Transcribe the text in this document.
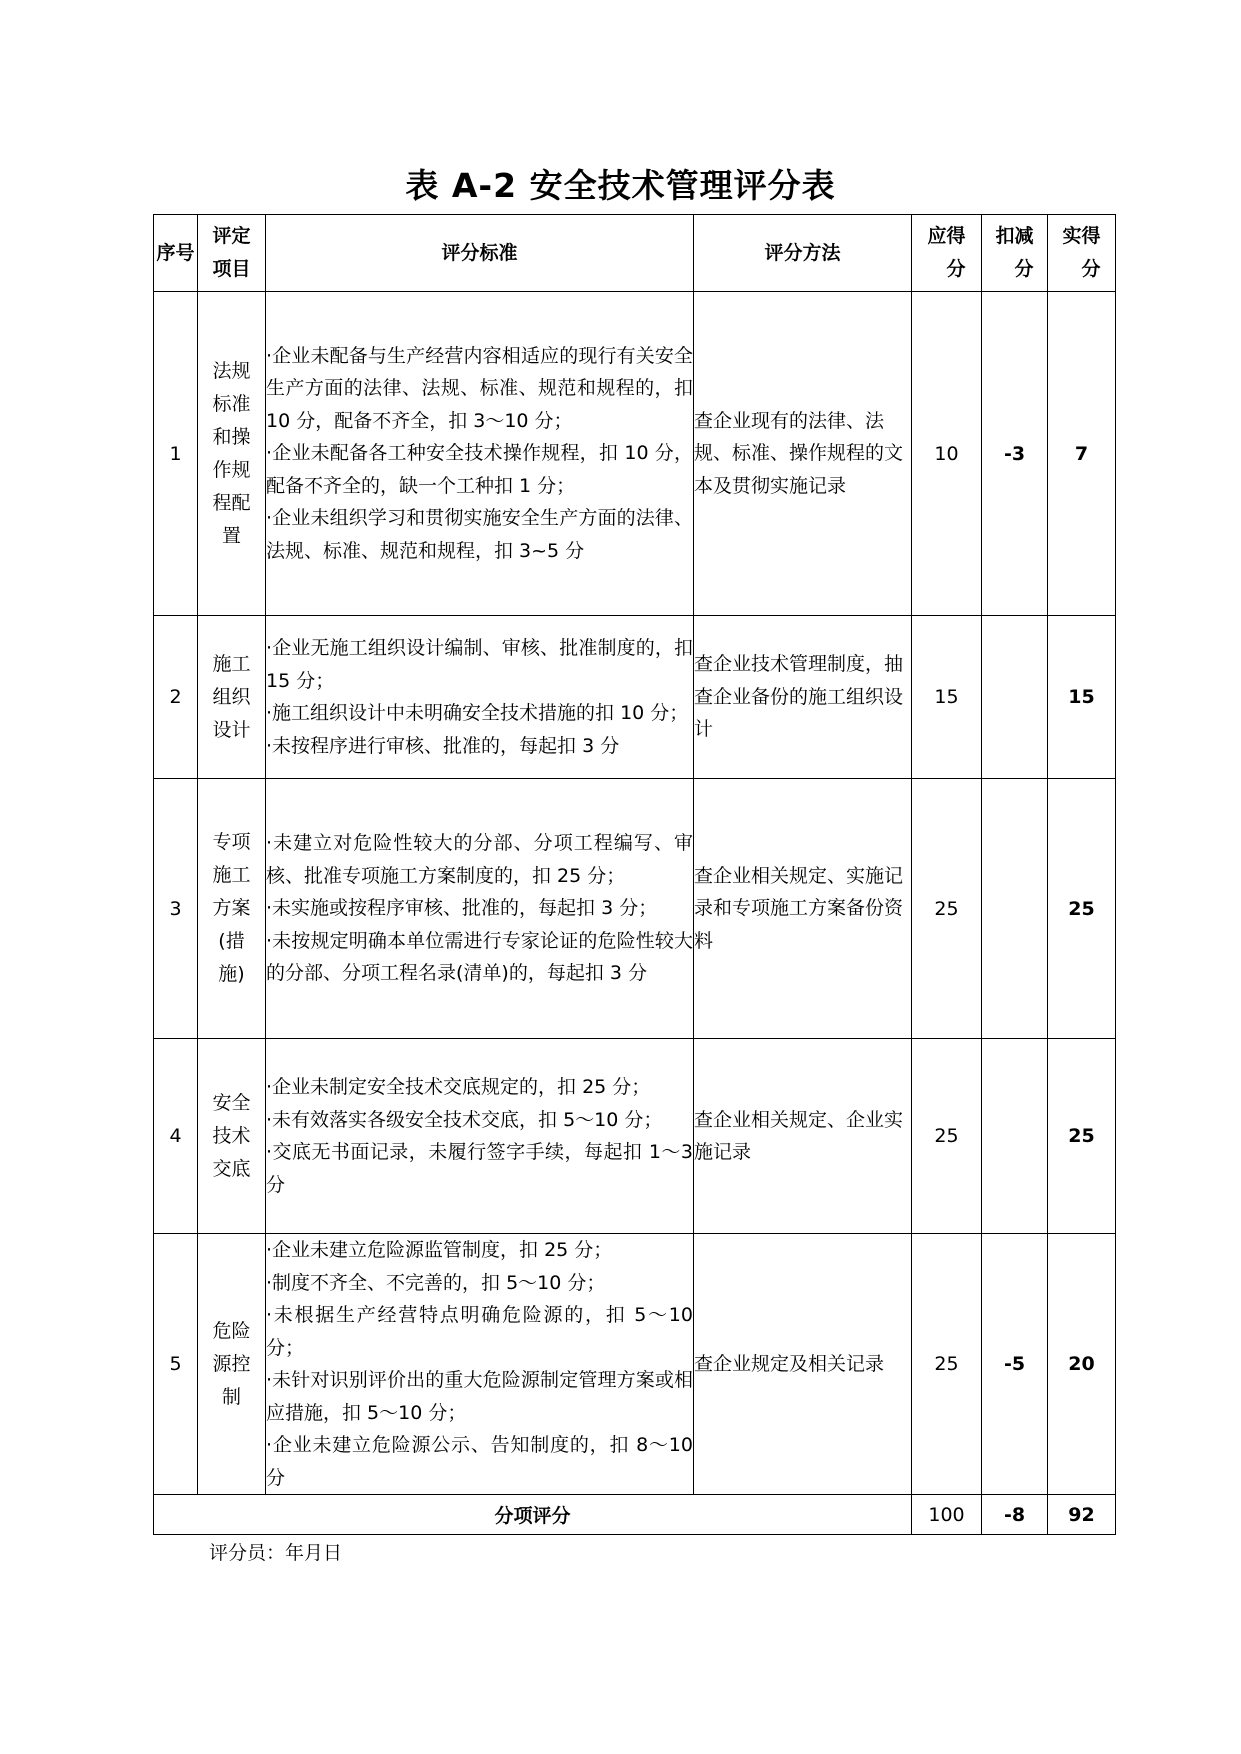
表 A-2 安全技术管理评分表
序号	评定项目	评分标准	评分方法	应得分	扣减分	实得分

1	法规标准和操作规程配置	·企业未配备与生产经营内容相适应的现行有关安全生产方面的法律、法规、标准、规范和规程的，扣 10 分，配备不齐全，扣 3～10 分；
·企业未配备各工种安全技术操作规程，扣 10 分，配备不齐全的，缺一个工种扣 1 分；
·企业未组织学习和贯彻实施安全生产方面的法律、法规、标准、规范和规程，扣 3~5 分	查企业现有的法律、法规、标准、操作规程的文本及贯彻实施记录	10	-3	7
2	施工组织设计	·企业无施工组织设计编制、审核、批准制度的，扣 15 分；
·施工组织设计中未明确安全技术措施的扣 10 分；
·未按程序进行审核、批准的，每起扣 3 分	查企业技术管理制度，抽查企业备份的施工组织设计	15		15
3	专项施工方案(措施)	·未建立对危险性较大的分部、分项工程编写、审核、批准专项施工方案制度的，扣 25 分；
·未实施或按程序审核、批准的，每起扣 3 分；
·未按规定明确本单位需进行专家论证的危险性较大的分部、分项工程名录(清单)的，每起扣 3 分	查企业相关规定、实施记录和专项施工方案备份资料	25		25
4	安全技术交底	·企业未制定安全技术交底规定的，扣 25 分；
·未有效落实各级安全技术交底，扣 5～10 分；
·交底无书面记录，未履行签字手续，每起扣 1～3 分	查企业相关规定、企业实施记录	25		25
5	危险源控制	·企业未建立危险源监管制度，扣 25 分；
·制度不齐全、不完善的，扣 5～10 分；
·未根据生产经营特点明确危险源的，扣 5～10 分；
·未针对识别评价出的重大危险源制定管理方案或相应措施，扣 5～10 分；
·企业未建立危险源公示、告知制度的，扣 8～10 分	查企业规定及相关记录	25	-5	20
分项评分				100	-8	92
评分员：年月日
